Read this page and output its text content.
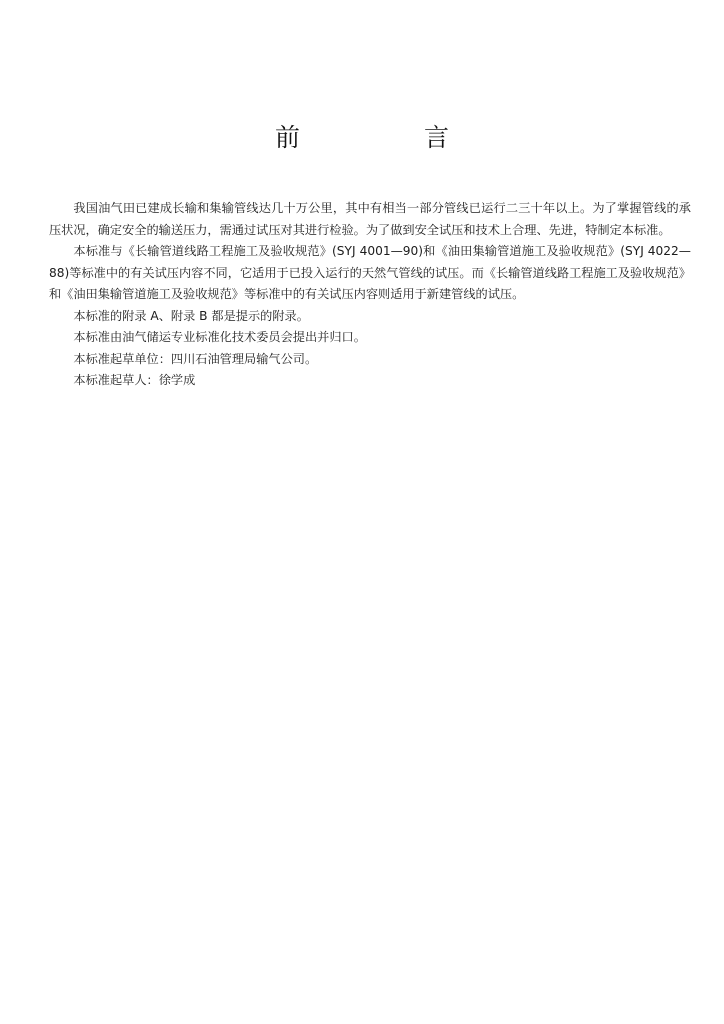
前 言

我国油气田已建成长输和集输管线达几十万公里，其中有相当一部分管线已运行二三十年以上。为了掌握管线的承压状况，确定安全的输送压力，需通过试压对其进行检验。为了做到安全试压和技术上合理、先进，特制定本标准。

本标准与《长输管道线路工程施工及验收规范》(SYJ 4001—90)和《油田集输管道施工及验收规范》(SYJ 4022—88)等标准中的有关试压内容不同，它适用于已投入运行的天然气管线的试压。而《长输管道线路工程施工及验收规范》和《油田集输管道施工及验收规范》等标准中的有关试压内容则适用于新建管线的试压。

本标准的附录 A、附录 B 都是提示的附录。

本标准由油气储运专业标准化技术委员会提出并归口。

本标准起草单位：四川石油管理局输气公司。

本标准起草人：徐学成
